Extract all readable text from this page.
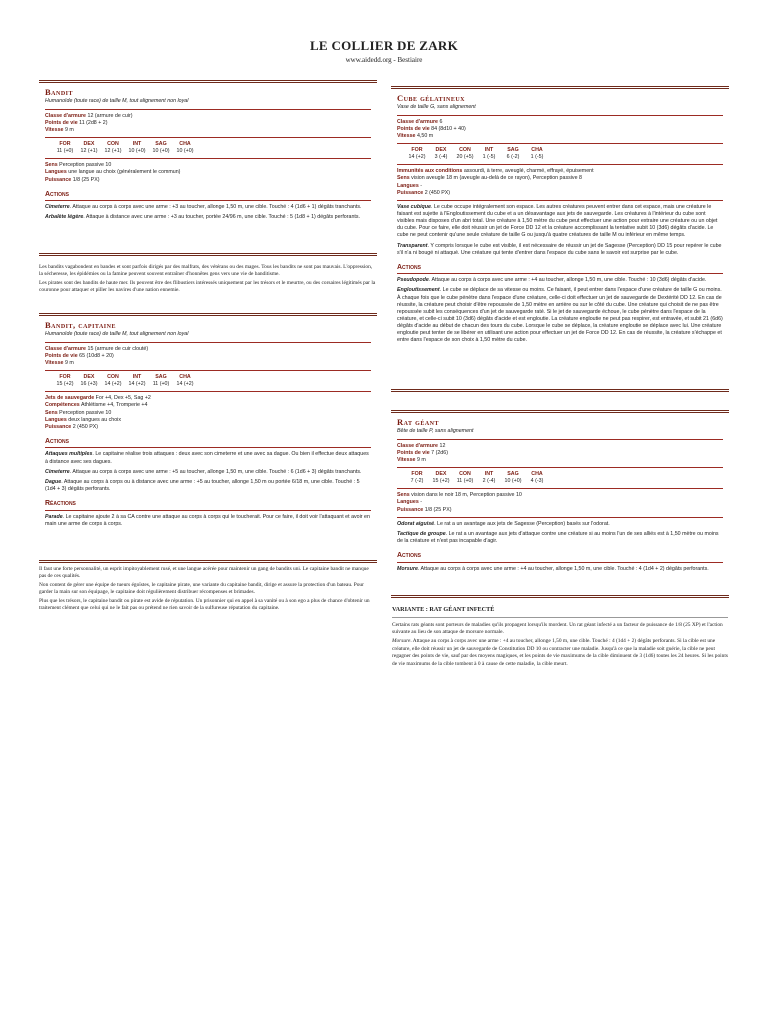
LE COLLIER DE ZARK
www.aidedd.org - Bestiaire
Bandit
Humanoïde (toute race) de taille M, tout alignement non loyal
Classe d'armure 12 (armure de cuir)
Points de vie 11 (2d8 + 2)
Vitesse 9 m
FOR	DEX	CON	INT	SAG	CHA
11 (+0)	12 (+1)	12 (+1)	10 (+0)	10 (+0)	10 (+0)
Sens Perception passive 10
Langues une langue au choix (généralement le commun)
Puissance 1/8 (25 PX)
Actions

Cimeterre. Attaque au corps à corps avec une arme : +3 au toucher, allonge 1,50 m, une cible. Touché : 4 (1d6 + 1) dégâts tranchants.

Arbalète légère. Attaque à distance avec une arme : +3 au toucher, portée 24/96 m, une cible. Touché : 5 (1d8 + 1) dégâts perforants.

Les bandits vagabondent en bandes et sont parfois dirigés par des malfrats, des vétérans ou des mages. Tous les bandits ne sont pas mauvais. L'oppression, la sécheresse, les épidémies ou la famine peuvent souvent entraîner d'honnêtes gens vers une vie de banditisme.

Les pirates sont des bandits de haute mer. Ils peuvent être des flibustiers intéressés uniquement par les trésors et le meurtre, ou des corsaires légitimés par la couronne pour attaquer et piller les navires d'une nation ennemie.

Bandit, capitaine
Humanoïde (toute race) de taille M, tout alignement non loyal
Classe d'armure 15 (armure de cuir clouté)
Points de vie 65 (10d8 + 20)
Vitesse 9 m
FOR	DEX	CON	INT	SAG	CHA
15 (+2)	16 (+3)	14 (+2)	14 (+2)	11 (+0)	14 (+2)
Jets de sauvegarde For +4, Dex +5, Sag +2
Compétences Athlétisme +4, Tromperie +4
Sens Perception passive 10
Langues deux langues au choix
Puissance 2 (450 PX)
Actions

Attaques multiples. Le capitaine réalise trois attaques : deux avec son cimeterre et une avec sa dague. Ou bien il effectue deux attaques à distance avec ses dagues.

Cimeterre. Attaque au corps à corps avec une arme : +5 au toucher, allonge 1,50 m, une cible. Touché : 6 (1d6 + 3) dégâts tranchants.

Dague. Attaque au corps à corps ou à distance avec une arme : +5 au toucher, allonge 1,50 m ou portée 6/18 m, une cible. Touché : 5 (1d4 + 3) dégâts perforants.

Réactions

Parade. Le capitaine ajoute 2 à sa CA contre une attaque au corps à corps qui le toucherait. Pour ce faire, il doit voir l'attaquant et avoir en main une arme de corps à corps.

Il faut une forte personnalité, un esprit impitoyablement rusé, et une langue acérée pour maintenir un gang de bandits uni. Le capitaine bandit ne manque pas de ces qualités.

Non content de gérer une équipe de tueurs égoïstes, le capitaine pirate, une variante du capitaine bandit, dirige et assure la protection d'un bateau. Pour garder la main sur son équipage, le capitaine doit régulièrement distribuer récompenses et brimades.

Plus que les trésors, le capitaine bandit ou pirate est avide de réputation. Un prisonnier qui en appel à sa vanité ou à son ego a plus de chance d'obtenir un traitement clément que celui qui ne le fait pas ou prétend ne rien savoir de la sulfureuse réputation du capitaine.

Cube gélatineux
Vase de taille G, sans alignement
Classe d'armure 6
Points de vie 84 (8d10 + 40)
Vitesse 4,50 m
FOR	DEX	CON	INT	SAG	CHA
14 (+2)	3 (-4)	20 (+5)	1 (-5)	6 (-2)	1 (-5)
Immunités aux conditions assourdi, à terre, aveuglé, charmé, effrayé, épuisement
Sens vision aveugle 18 m (aveugle au-delà de ce rayon), Perception passive 8
Langues -
Puissance 2 (450 PX)

Vase cubique. Le cube occupe intégralement son espace. Les autres créatures peuvent entrer dans cet espace, mais une créature le faisant est sujette à l'Engloutissement du cube et a un désavantage aux jets de sauvegarde. Les créatures à l'intérieur du cube sont visibles mais disposes d'un abri total. Une créature à 1,50 mètre du cube peut effectuer une action pour extraire une créature ou un objet du cube. Pour ce faire, elle doit réussir un jet de Force DD 12 et la créature accomplissant la tentative subit 10 (3d6) dégâts d'acide. Le cube ne peut contenir qu'une seule créature de taille G ou jusqu'à quatre créatures de taille M ou inférieur en même temps.

Transparent. Y compris lorsque le cube est visible, il est nécessaire de réussir un jet de Sagesse (Perception) DD 15 pour repérer le cube s'il n'a ni bougé ni attaqué. Une créature qui tente d'entrer dans l'espace du cube sans le savoir est surprise par le cube.

Actions

Pseudopode. Attaque au corps à corps avec une arme : +4 au toucher, allonge 1,50 m, une cible. Touché : 10 (3d6) dégâts d'acide.

Engloutissement. Le cube se déplace de sa vitesse ou moins. Ce faisant, il peut entrer dans l'espace d'une créature de taille G ou moins. À chaque fois que le cube pénètre dans l'espace d'une créature, celle-ci doit effectuer un jet de sauvegarde de Dextérité DD 12. En cas de réussite, la créature peut choisir d'être repoussée de 1,50 mètre en arrière ou sur le côté du cube. Une créature qui choisit de ne pas être repoussée subit les conséquences d'un jet de sauvegarde raté. Si le jet de sauvegarde échoue, le cube pénètre dans l'espace de la créature, et celle-ci subit 10 (3d6) dégâts d'acide et est engloutie. La créature engloutie ne peut pas respirer, est entravée, et subit 21 (6d6) dégâts d'acide au début de chacun des tours du cube. Lorsque le cube se déplace, la créature engloutie se déplace avec lui. Une créature engloutie peut tenter de se libérer en utilisant une action pour effectuer un jet de Force DD 12. En cas de réussite, la créature s'échappe et entre dans l'espace de son choix à 1,50 mètre du cube.

Rat géant
Bête de taille P, sans alignement
Classe d'armure 12
Points de vie 7 (2d6)
Vitesse 9 m
FOR	DEX	CON	INT	SAG	CHA
7 (-2)	15 (+2)	11 (+0)	2 (-4)	10 (+0)	4 (-3)
Sens vision dans le noir 18 m, Perception passive 10
Langues -
Puissance 1/8 (25 PX)

Odorat aiguisé. Le rat a un avantage aux jets de Sagesse (Perception) basés sur l'odorat.

Tactique de groupe. Le rat a un avantage aux jets d'attaque contre une créature si au moins l'un de ses alliés est à 1,50 mètre ou moins de la créature et n'est pas incapable d'agir.

Actions

Morsure. Attaque au corps à corps avec une arme : +4 au toucher, allonge 1,50 m, une cible. Touché : 4 (1d4 + 2) dégâts perforants.

VARIANTE : RAT GÉANT INFECTÉ

Certains rats géants sont porteurs de maladies qu'ils propagent lorsqu'ils mordent. Un rat géant infecté a un facteur de puissance de 1/8 (25 XP) et l'action suivante au lieu de son attaque de morsure normale.

Morsure. Attaque au corps à corps avec une arme : +4 au toucher, allonge 1,50 m, une cible. Touché : 4 (1d4 + 2) dégâts perforants. Si la cible est une créature, elle doit réussir un jet de sauvegarde de Constitution DD 10 ou contracter une maladie. Jusqu'à ce que la maladie soit guérie, la cible ne peut regagner des points de vie, sauf par des moyens magiques, et les points de vie maximums de la cible diminuent de 3 (1d6) toutes les 24 heures. Si les points de vie maximums de la cible tombent à 0 à cause de cette maladie, la cible meurt.
